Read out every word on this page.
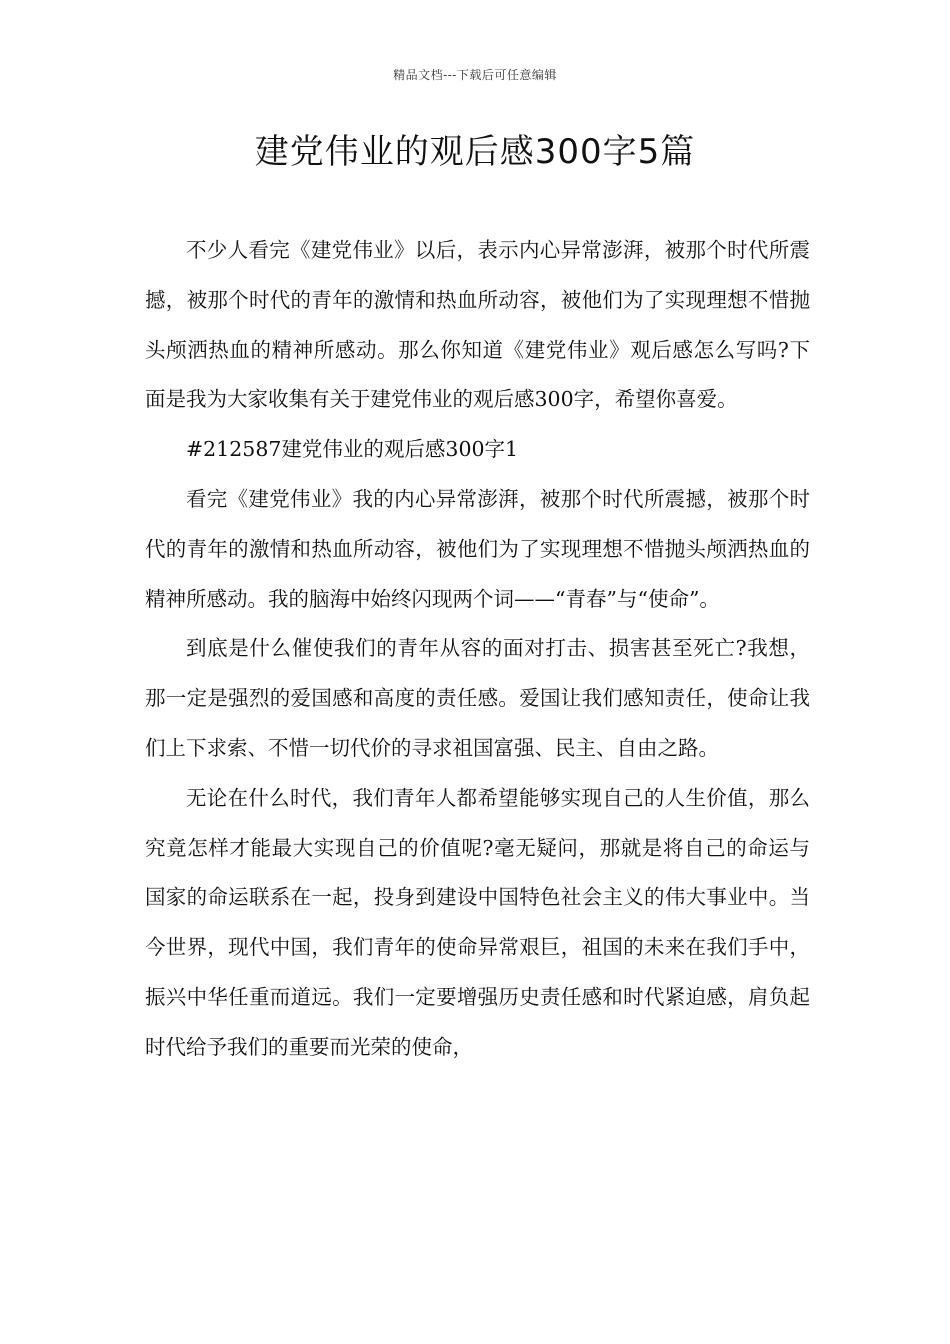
精品文档---下载后可任意编辑
建党伟业的观后感300字5篇

不少人看完《建党伟业》以后，表示内心异常澎湃，被那个时代所震撼，被那个时代的青年的激情和热血所动容，被他们为了实现理想不惜抛头颅洒热血的精神所感动。那么你知道《建党伟业》观后感怎么写吗?下面是我为大家收集有关于建党伟业的观后感300字，希望你喜爱。

#212587建党伟业的观后感300字1

看完《建党伟业》我的内心异常澎湃，被那个时代所震撼，被那个时代的青年的激情和热血所动容，被他们为了实现理想不惜抛头颅洒热血的精神所感动。我的脑海中始终闪现两个词——“青春”与“使命”。

到底是什么催使我们的青年从容的面对打击、损害甚至死亡?我想，那一定是强烈的爱国感和高度的责任感。爱国让我们感知责任，使命让我们上下求索、不惜一切代价的寻求祖国富强、民主、自由之路。

无论在什么时代，我们青年人都希望能够实现自己的人生价值，那么究竟怎样才能最大实现自己的价值呢?毫无疑问，那就是将自己的命运与国家的命运联系在一起，投身到建设中国特色社会主义的伟大事业中。当今世界，现代中国，我们青年的使命异常艰巨，祖国的未来在我们手中，振兴中华任重而道远。我们一定要增强历史责任感和时代紧迫感，肩负起时代给予我们的重要而光荣的使命，
